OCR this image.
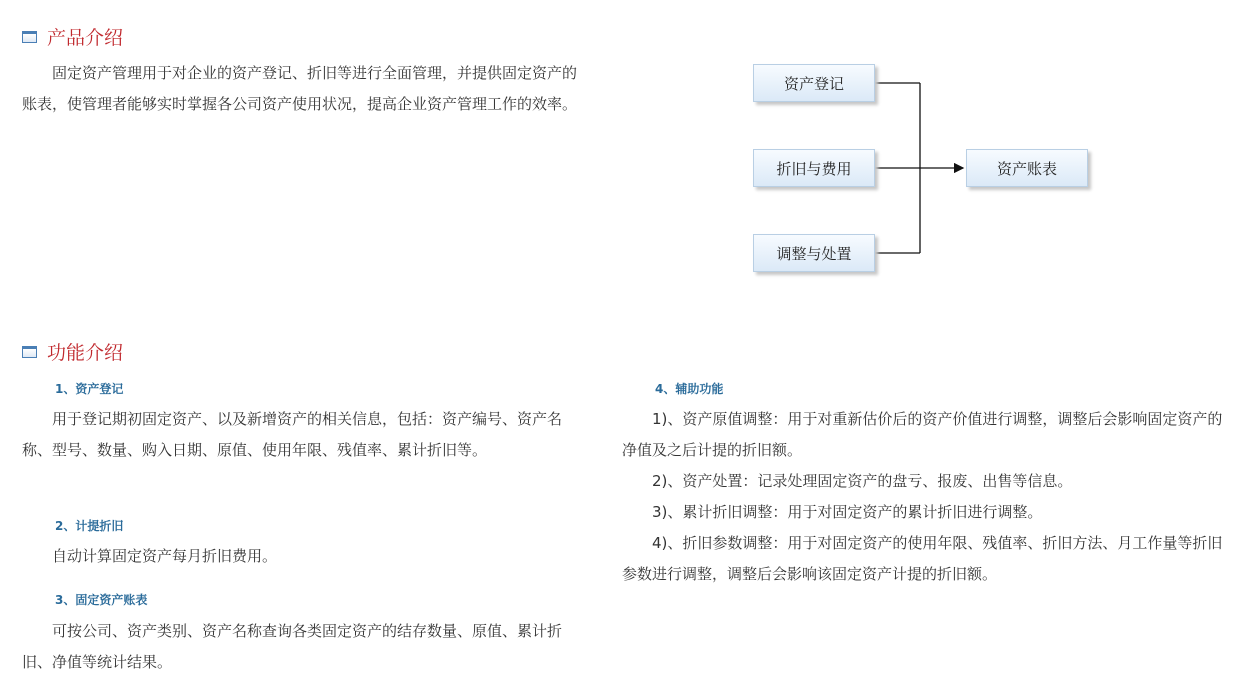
产品介绍

固定资产管理用于对企业的资产登记、折旧等进行全面管理，并提供固定资产的账表，使管理者能够实时掌握各公司资产使用状况，提高企业资产管理工作的效率。

资产登记
折旧与费用
调整与处置
资产账表
功能介绍
1、资产登记

用于登记期初固定资产、以及新增资产的相关信息，包括：资产编号、资产名称、型号、数量、购入日期、原值、使用年限、残值率、累计折旧等。

2、计提折旧

自动计算固定资产每月折旧费用。

3、固定资产账表

可按公司、资产类别、资产名称查询各类固定资产的结存数量、原值、累计折旧、净值等统计结果。

4、辅助功能

1)、资产原值调整：用于对重新估价后的资产价值进行调整，调整后会影响固定资产的净值及之后计提的折旧额。

2)、资产处置：记录处理固定资产的盘亏、报废、出售等信息。

3)、累计折旧调整：用于对固定资产的累计折旧进行调整。

4)、折旧参数调整：用于对固定资产的使用年限、残值率、折旧方法、月工作量等折旧参数进行调整，调整后会影响该固定资产计提的折旧额。
